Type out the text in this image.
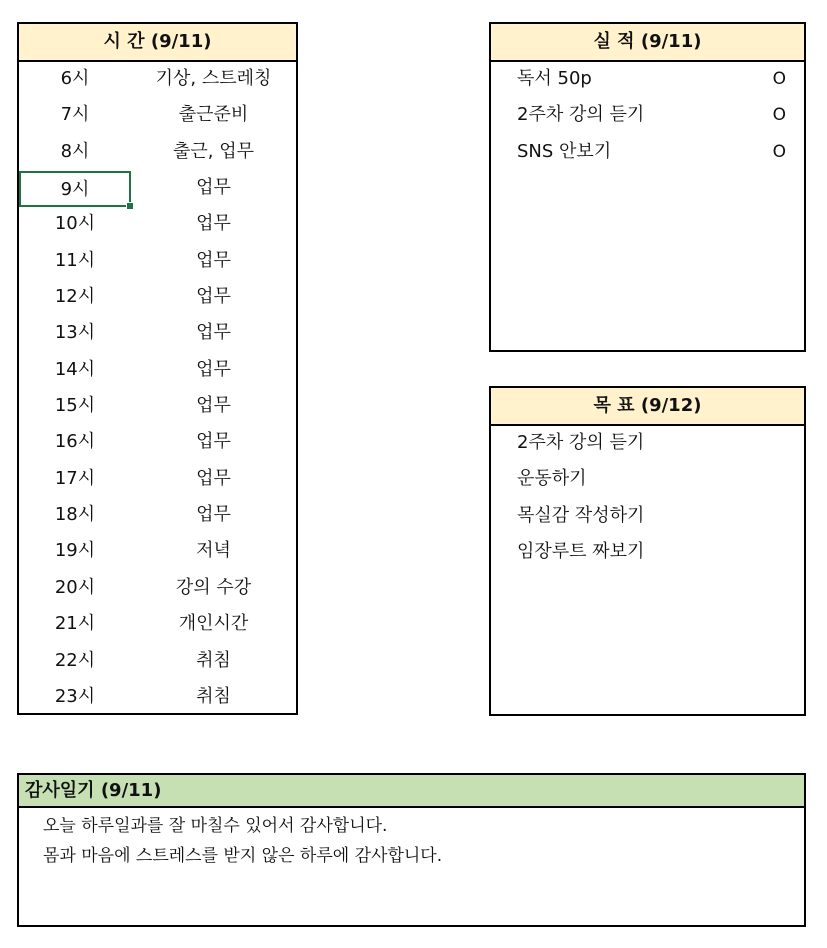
시 간 (9/11)
6시	기상, 스트레칭
7시	출근준비
8시	출근, 업무
9시	업무
10시	업무
11시	업무
12시	업무
13시	업무
14시	업무
15시	업무
16시	업무
17시	업무
18시	업무
19시	저녁
20시	강의 수강
21시	개인시간
22시	취침
23시	취침
실 적 (9/11)
독서 50p	O
2주차 강의 듣기	O
SNS 안보기	O
목 표 (9/12)
2주차 강의 듣기
운동하기
목실감 작성하기
임장루트 짜보기
감사일기 (9/11)
오늘 하루일과를 잘 마칠수 있어서 감사합니다.
몸과 마음에 스트레스를 받지 않은 하루에 감사합니다.
